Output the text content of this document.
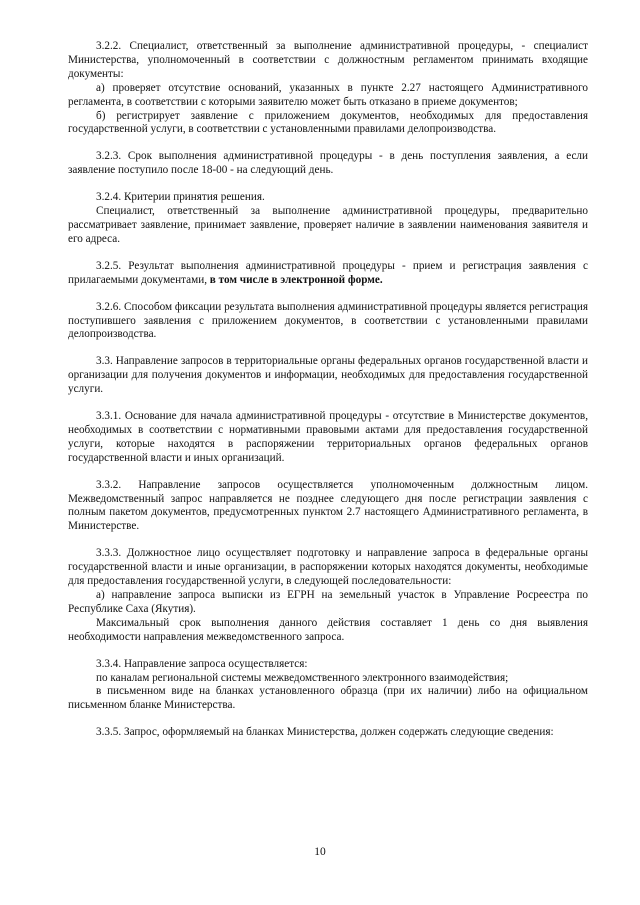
3.2.2. Специалист, ответственный за выполнение административной процедуры, - специалист Министерства, уполномоченный в соответствии с должностным регламентом принимать входящие документы:

а) проверяет отсутствие оснований, указанных в пункте 2.27 настоящего Административного регламента, в соответствии с которыми заявителю может быть отказано в приеме документов;

б) регистрирует заявление с приложением документов, необходимых для предоставления государственной услуги, в соответствии с установленными правилами делопроизводства.

3.2.3. Срок выполнения административной процедуры - в день поступления заявления, а если заявление поступило после 18-00 - на следующий день.

3.2.4. Критерии принятия решения.

Специалист, ответственный за выполнение административной процедуры, предварительно рассматривает заявление, принимает заявление, проверяет наличие в заявлении наименования заявителя и его адреса.

3.2.5. Результат выполнения административной процедуры - прием и регистрация заявления с прилагаемыми документами, в том числе в электронной форме.

3.2.6. Способом фиксации результата выполнения административной процедуры является регистрация поступившего заявления с приложением документов, в соответствии с установленными правилами делопроизводства.

3.3. Направление запросов в территориальные органы федеральных органов государственной власти и организации для получения документов и информации, необходимых для предоставления государственной услуги.

3.3.1. Основание для начала административной процедуры - отсутствие в Министерстве документов, необходимых в соответствии с нормативными правовыми актами для предоставления государственной услуги, которые находятся в распоряжении территориальных органов федеральных органов государственной власти и иных организаций.

3.3.2. Направление запросов осуществляется уполномоченным должностным лицом. Межведомственный запрос направляется не позднее следующего дня после регистрации заявления с полным пакетом документов, предусмотренных пунктом 2.7 настоящего Административного регламента, в Министерстве.

3.3.3. Должностное лицо осуществляет подготовку и направление запроса в федеральные органы государственной власти и иные организации, в распоряжении которых находятся документы, необходимые для предоставления государственной услуги, в следующей последовательности:

а) направление запроса выписки из ЕГРН на земельный участок в Управление Росреестра по Республике Саха (Якутия).

Максимальный срок выполнения данного действия составляет 1 день со дня выявления необходимости направления межведомственного запроса.

3.3.4. Направление запроса осуществляется:

по каналам региональной системы межведомственного электронного взаимодействия;

в письменном виде на бланках установленного образца (при их наличии) либо на официальном письменном бланке Министерства.

3.3.5. Запрос, оформляемый на бланках Министерства, должен содержать следующие сведения:

10
